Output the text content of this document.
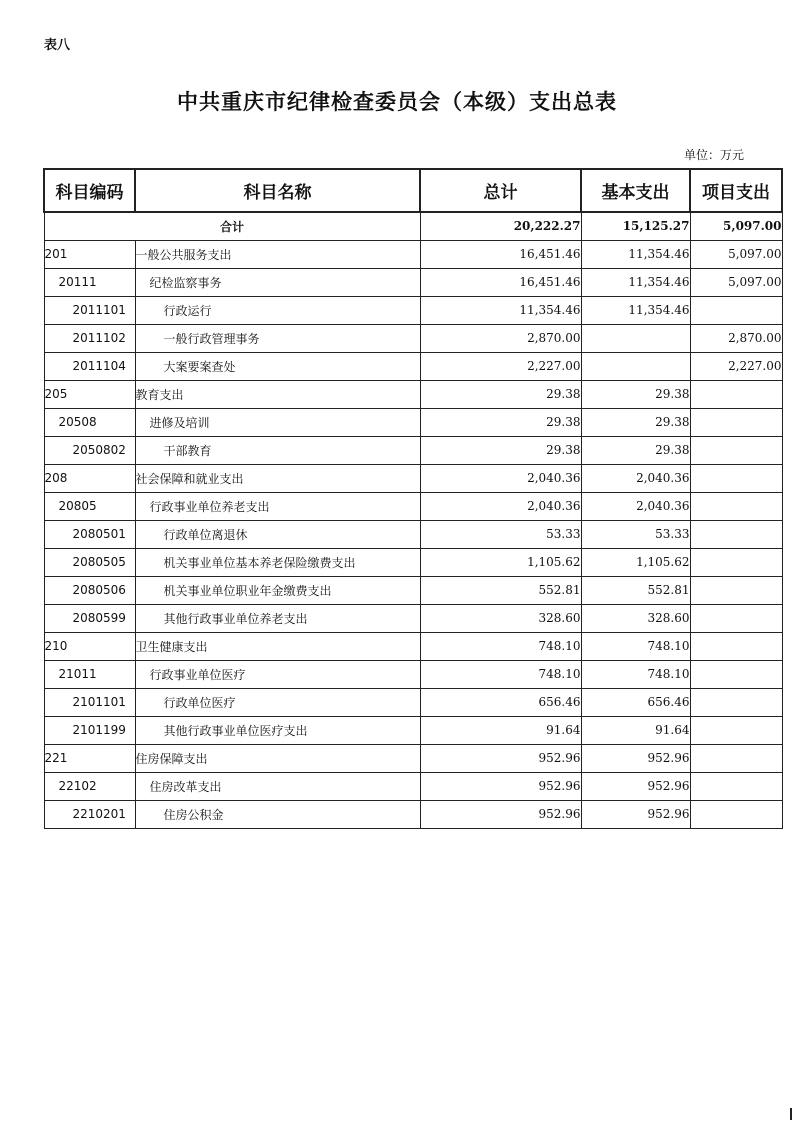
表八
中共重庆市纪律检查委员会（本级）支出总表
单位：万元
科目编码	科目名称	总计	基本支出	项目支出
合计		20,222.27	15,125.27	5,097.00
201	一般公共服务支出	16,451.46	11,354.46	5,097.00
20111	纪检监察事务	16,451.46	11,354.46	5,097.00
2011101	行政运行	11,354.46	11,354.46	
2011102	一般行政管理事务	2,870.00		2,870.00
2011104	大案要案查处	2,227.00		2,227.00
205	教育支出	29.38	29.38	
20508	进修及培训	29.38	29.38	
2050802	干部教育	29.38	29.38	
208	社会保障和就业支出	2,040.36	2,040.36	
20805	行政事业单位养老支出	2,040.36	2,040.36	
2080501	行政单位离退休	53.33	53.33	
2080505	机关事业单位基本养老保险缴费支出	1,105.62	1,105.62	
2080506	机关事业单位职业年金缴费支出	552.81	552.81	
2080599	其他行政事业单位养老支出	328.60	328.60	
210	卫生健康支出	748.10	748.10	
21011	行政事业单位医疗	748.10	748.10	
2101101	行政单位医疗	656.46	656.46	
2101199	其他行政事业单位医疗支出	91.64	91.64	
221	住房保障支出	952.96	952.96	
22102	住房改革支出	952.96	952.96	
2210201	住房公积金	952.96	952.96	
